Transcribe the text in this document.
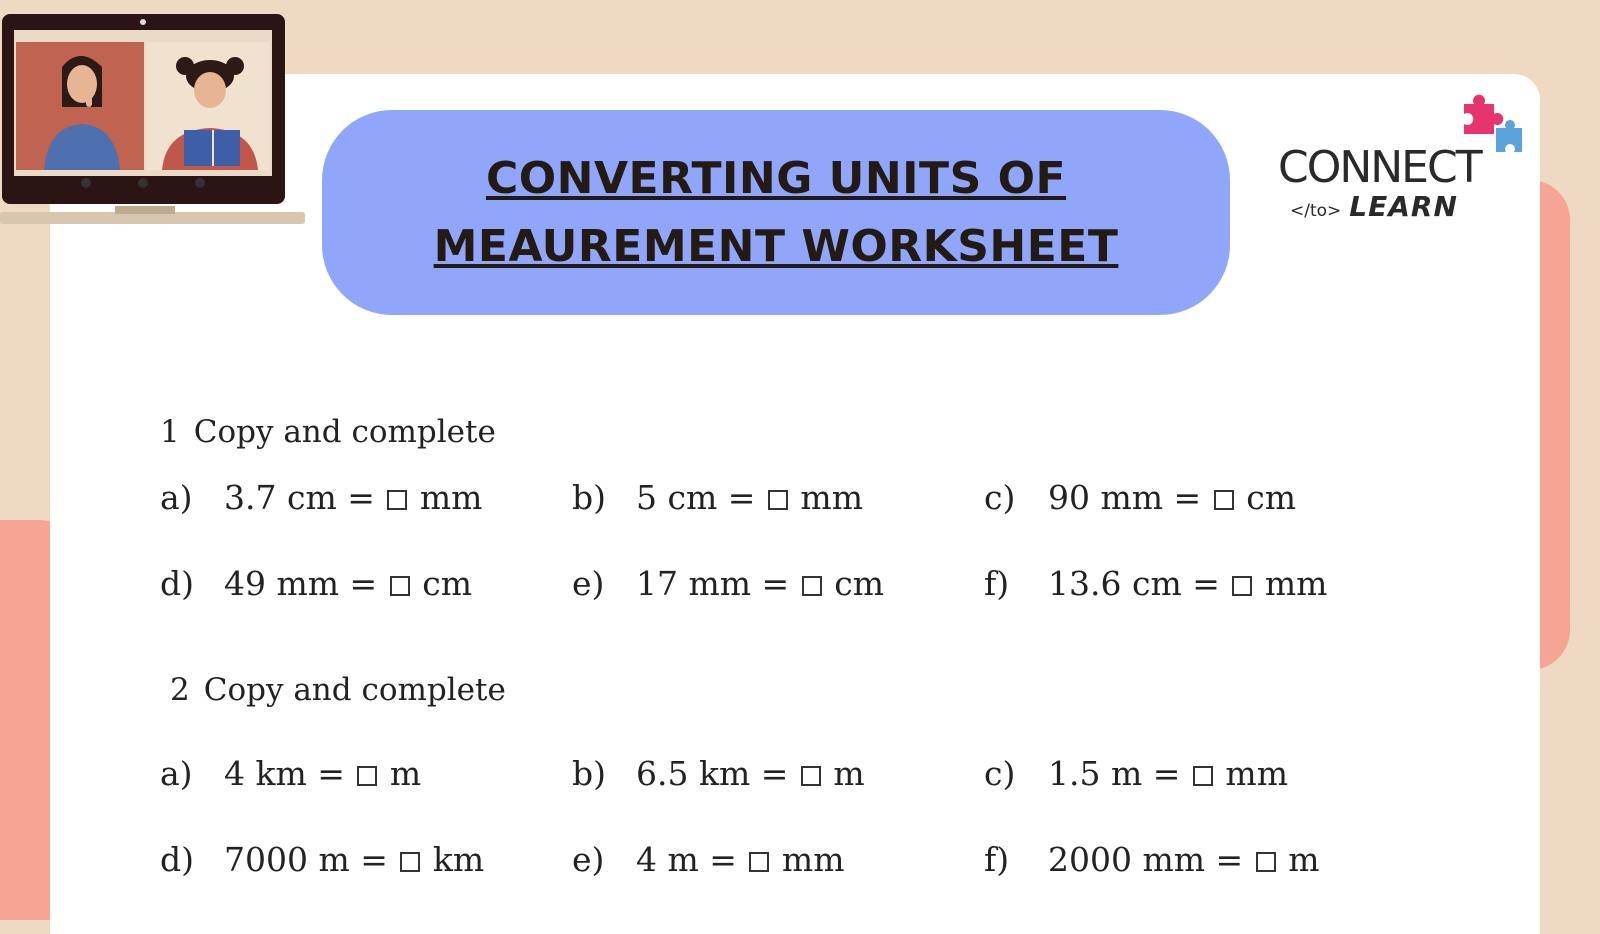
CONVERTING UNITS OF
MEAUREMENT WORKSHEET
CONNECT
</to> LEARN
1 Copy and complete
a) 3.7 cm = mm	b) 5 cm = mm	c) 90 mm = cm
d) 49 mm = cm	e) 17 mm = cm	f) 13.6 cm = mm
2 Copy and complete
a) 4 km = m	b) 6.5 km = m	c) 1.5 m = mm
d) 7000 m = km	e) 4 m = mm	f) 2000 mm = m
